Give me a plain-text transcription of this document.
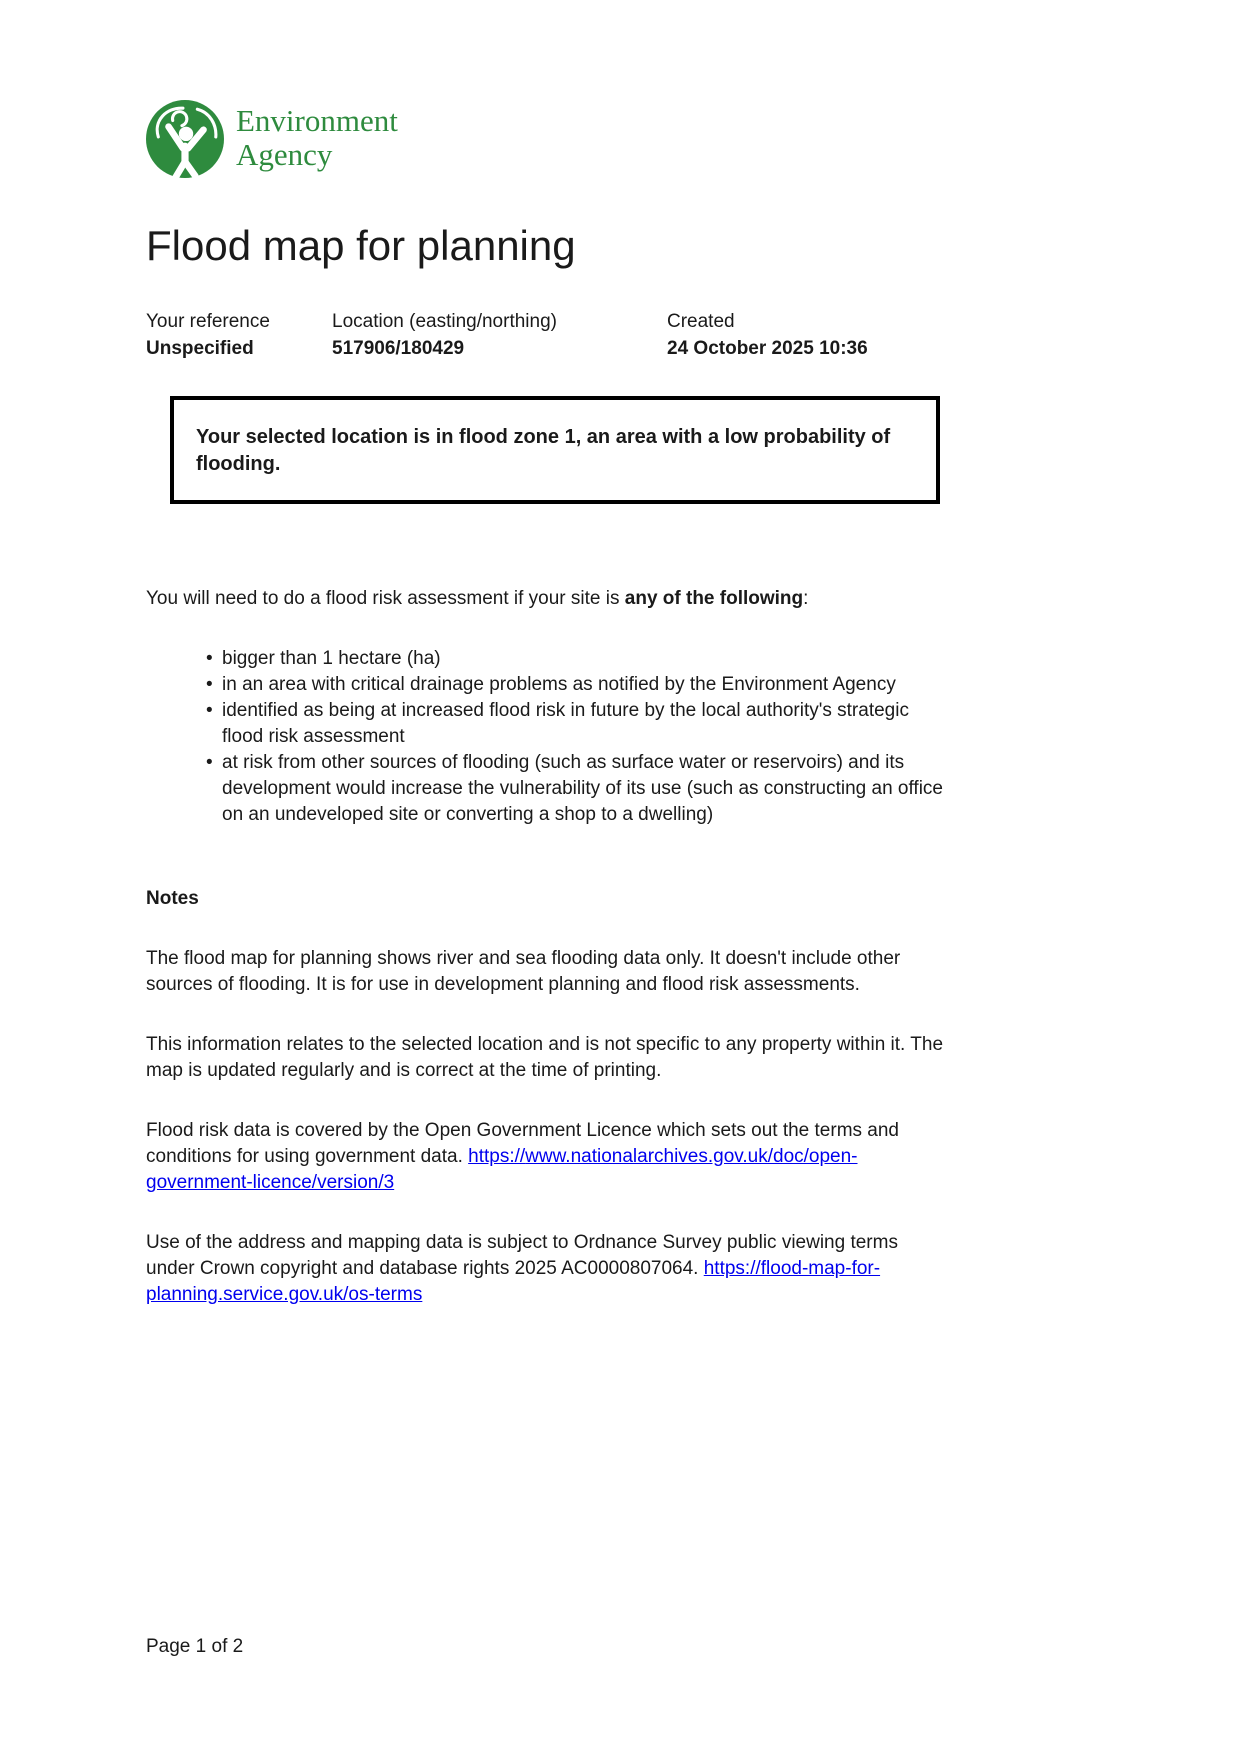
Environment
Agency
Flood map for planning
Your reference
Unspecified
Location (easting/northing)
517906/180429
Created
24 October 2025 10:36
Your selected location is in flood zone 1, an area with a low probability of flooding.
You will need to do a flood risk assessment if your site is any of the following:
• bigger than 1 hectare (ha)
• in an area with critical drainage problems as notified by the Environment Agency
• identified as being at increased flood risk in future by the local authority's strategic flood risk assessment
• at risk from other sources of flooding (such as surface water or reservoirs) and its development would increase the vulnerability of its use (such as constructing an office on an undeveloped site or converting a shop to a dwelling)
Notes

The flood map for planning shows river and sea flooding data only. It doesn't include other sources of flooding. It is for use in development planning and flood risk assessments.

This information relates to the selected location and is not specific to any property within it. The map is updated regularly and is correct at the time of printing.

Flood risk data is covered by the Open Government Licence which sets out the terms and conditions for using government data. https://www.nationalarchives.gov.uk/doc/open-government-licence/version/3

Use of the address and mapping data is subject to Ordnance Survey public viewing terms under Crown copyright and database rights 2025 AC0000807064. https://flood-map-for-planning.service.gov.uk/os-terms

Page 1 of 2
